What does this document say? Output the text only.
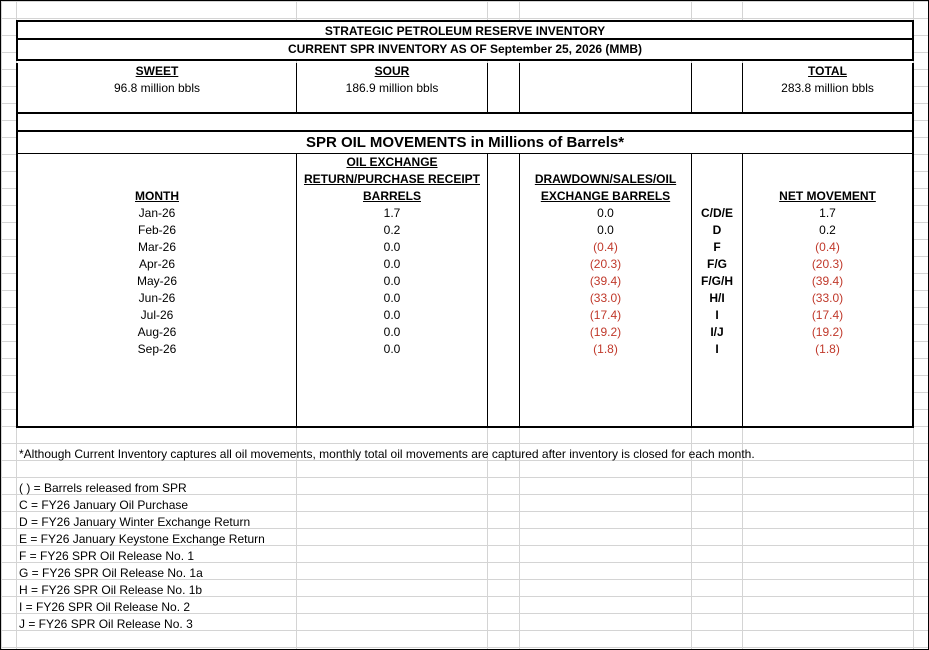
STRATEGIC PETROLEUM RESERVE INVENTORY
CURRENT SPR INVENTORY AS OF September 25, 2026 (MMB)
SWEET	SOUR	TOTAL
96.8 million bbls	186.9 million bbls	283.8 million bbls
SPR OIL MOVEMENTS in Millions of Barrels*
MONTH
OIL EXCHANGE
RETURN/PURCHASE RECEIPT
BARRELS
DRAWDOWN/SALES/OIL
EXCHANGE BARRELS	NET MOVEMENT
Jan-26	1.7	0.0	C/D/E	1.7
Feb-26	0.2	0.0	D	0.2
Mar-26	0.0	(0.4)	F	(0.4)
Apr-26	0.0	(20.3)	F/G	(20.3)
May-26	0.0	(39.4)	F/G/H	(39.4)
Jun-26	0.0	(33.0)	H/I	(33.0)
Jul-26	0.0	(17.4)	I	(17.4)
Aug-26	0.0	(19.2)	I/J	(19.2)
Sep-26	0.0	(1.8)	I	(1.8)
*Although Current Inventory captures all oil movements, monthly total oil movements are captured after inventory is closed for each month.
( ) = Barrels released from SPR
C = FY26 January Oil Purchase
D = FY26 January Winter Exchange Return
E = FY26 January Keystone Exchange Return
F = FY26 SPR Oil Release No. 1
G = FY26 SPR Oil Release No. 1a
H = FY26 SPR Oil Release No. 1b
I = FY26 SPR Oil Release No. 2
J = FY26 SPR Oil Release No. 3
